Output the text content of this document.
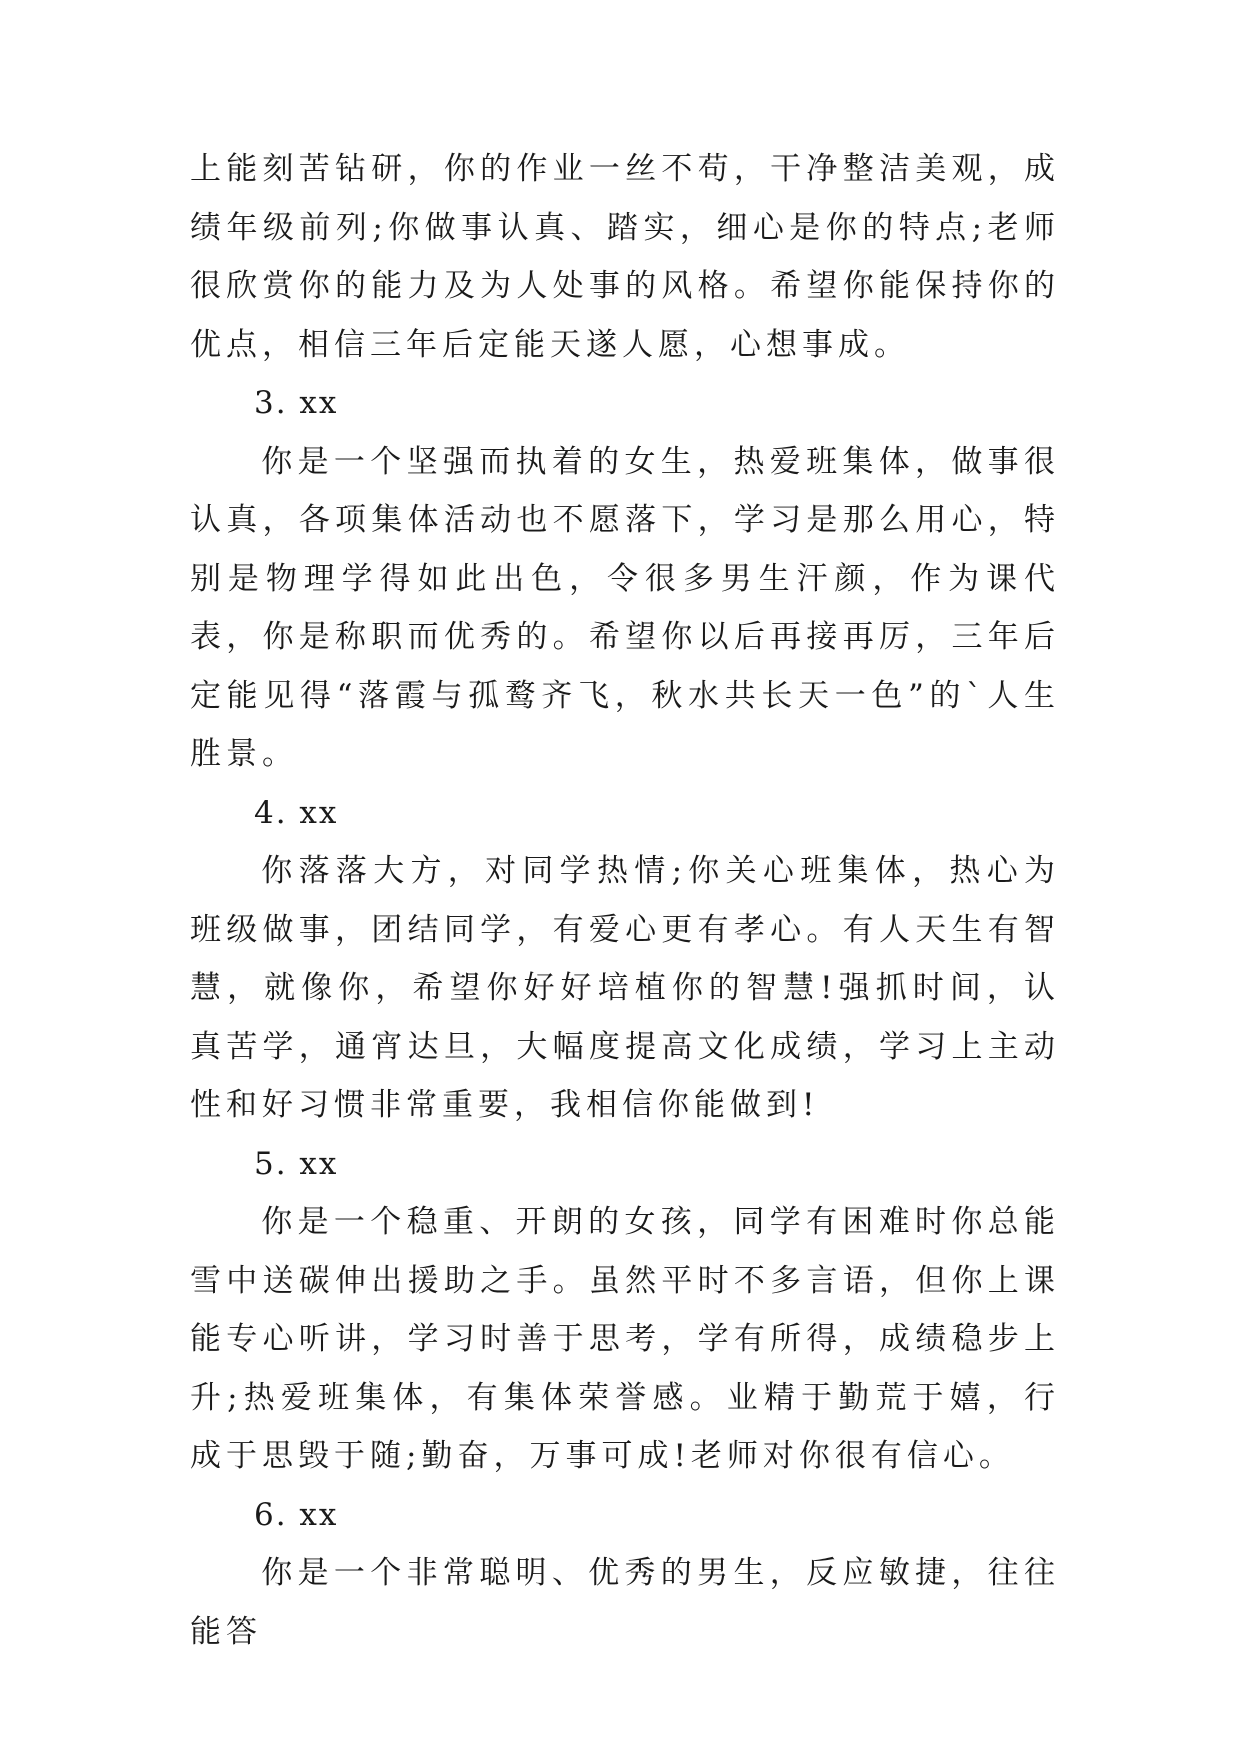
上能刻苦钻研，你的作业一丝不苟，干净整洁美观，成绩年级前列;你做事认真、踏实，细心是你的特点;老师很欣赏你的能力及为人处事的风格。希望你能保持你的优点，相信三年后定能天遂人愿，心想事成。

3. xx

你是一个坚强而执着的女生，热爱班集体，做事很认真，各项集体活动也不愿落下，学习是那么用心，特别是物理学得如此出色，令很多男生汗颜，作为课代表，你是称职而优秀的。希望你以后再接再厉，三年后定能见得“落霞与孤鹜齐飞，秋水共长天一色”的`人生胜景。

4. xx

你落落大方，对同学热情;你关心班集体，热心为班级做事，团结同学，有爱心更有孝心。有人天生有智慧，就像你，希望你好好培植你的智慧!强抓时间，认真苦学，通宵达旦，大幅度提高文化成绩，学习上主动性和好习惯非常重要，我相信你能做到!

5. xx

你是一个稳重、开朗的女孩，同学有困难时你总能雪中送碳伸出援助之手。虽然平时不多言语，但你上课能专心听讲，学习时善于思考，学有所得，成绩稳步上升;热爱班集体，有集体荣誉感。业精于勤荒于嬉，行成于思毁于随;勤奋，万事可成!老师对你很有信心。

6. xx

你是一个非常聪明、优秀的男生，反应敏捷，往往能答
